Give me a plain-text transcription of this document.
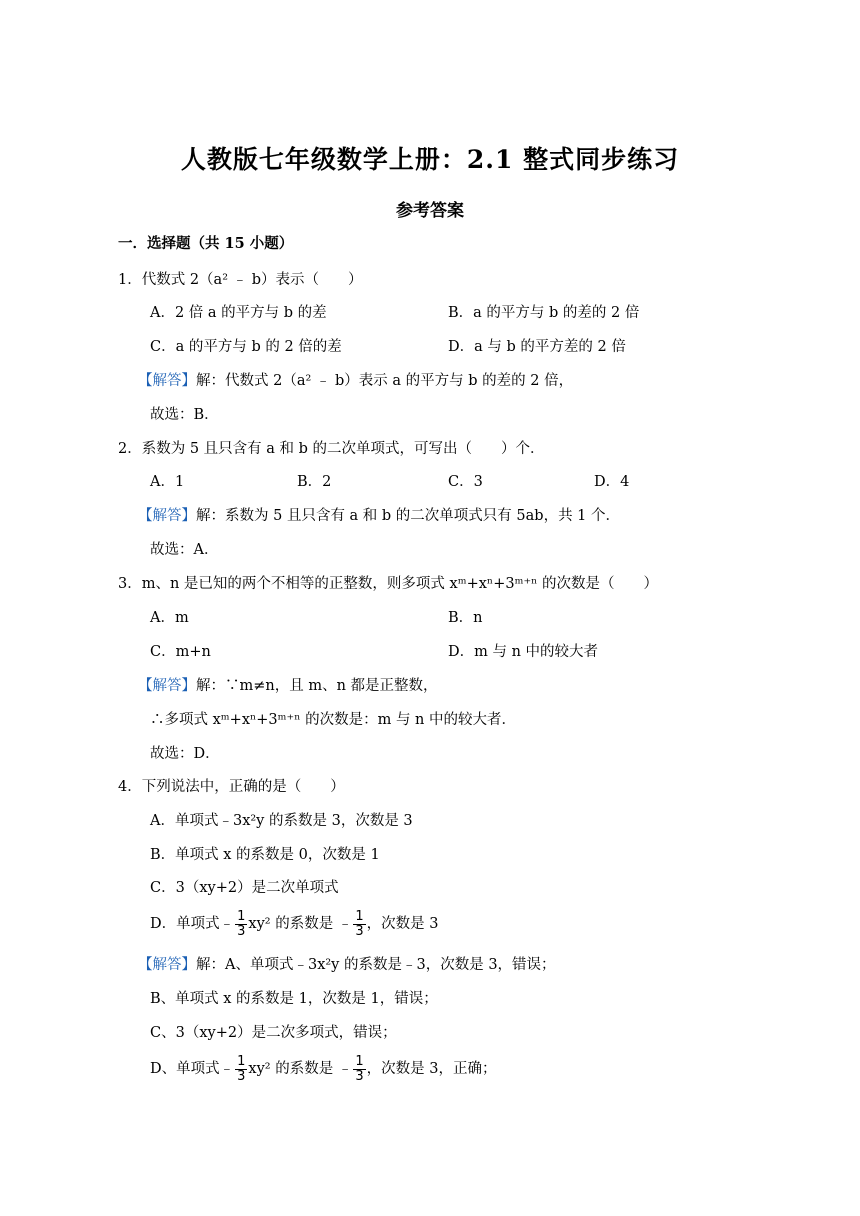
人教版七年级数学上册：2.1 整式同步练习
参考答案
一．选择题（共 15 小题）
1．代数式 2（a² ﹣ b）表示（　　）
A．2 倍 a 的平方与 b 的差	B．a 的平方与 b 的差的 2 倍
C．a 的平方与 b 的 2 倍的差	D．a 与 b 的平方差的 2 倍
【解答】解：代数式 2（a² ﹣ b）表示 a 的平方与 b 的差的 2 倍，
故选：B．
2．系数为 5 且只含有 a 和 b 的二次单项式，可写出（　　）个．
A．1	B．2	C．3	D．4
【解答】解：系数为 5 且只含有 a 和 b 的二次单项式只有 5ab，共 1 个．
故选：A．
3．m、n 是已知的两个不相等的正整数，则多项式 xᵐ+xⁿ+3ᵐ⁺ⁿ 的次数是（　　）
A．m	B．n
C．m+n	D．m 与 n 中的较大者
【解答】解：∵m≠n，且 m、n 都是正整数，
∴多项式 xᵐ+xⁿ+3ᵐ⁺ⁿ 的次数是：m 与 n 中的较大者．
故选：D．
4．下列说法中，正确的是（　　）
A．单项式﹣3x²y 的系数是 3，次数是 3
B．单项式 x 的系数是 0，次数是 1
C．3（xy+2）是二次单项式
D．单项式﹣ $\frac{1}{3} xy^2$ 的系数是 ﹣ $\frac{1}{3}$ ，次数是 3
【解答】解：A、单项式﹣3x²y 的系数是﹣3，次数是 3，错误；
B、单项式 x 的系数是 1，次数是 1，错误；
C、3（xy+2）是二次多项式，错误；
D、单项式﹣ $\frac{1}{3} xy^2$ 的系数是 ﹣ $\frac{1}{3}$ ，次数是 3，正确；
